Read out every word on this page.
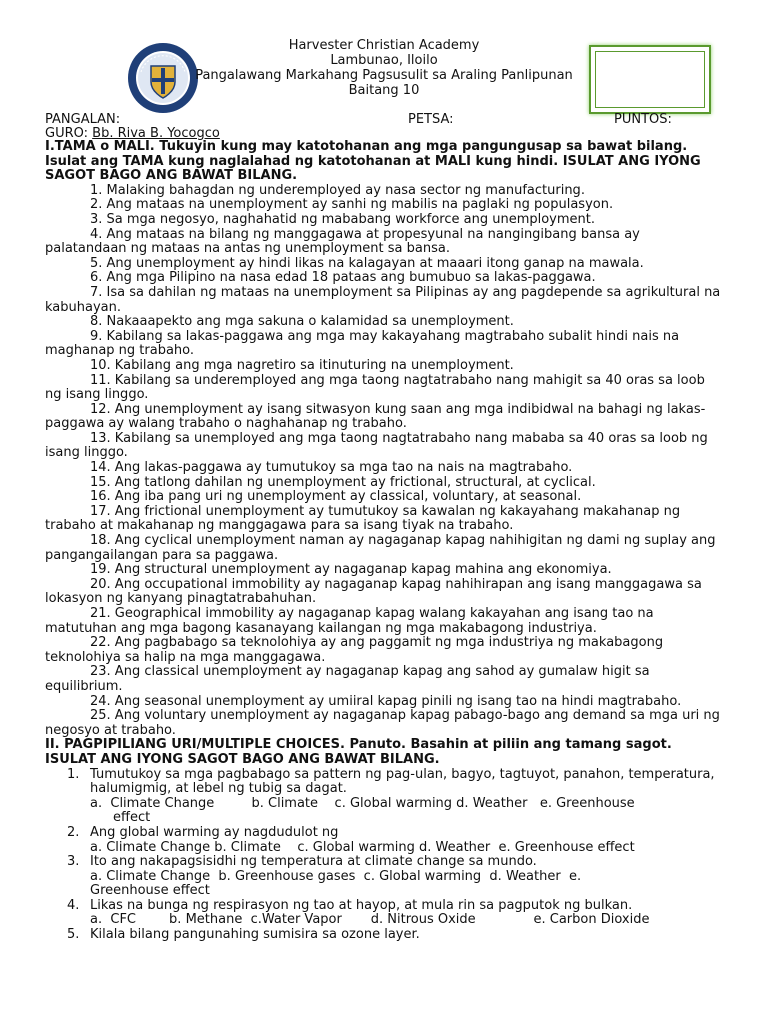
Harvester Christian Academy
Lambunao, Iloilo
Pangalawang Markahang Pagsusulit sa Araling Panlipunan
Baitang 10
PANGALAN:	PETSA:	PUNTOS:
GURO: Bb. Riva B. Yocogco
I.TAMA o MALI. Tukuyin kung may katotohanan ang mga pangungusap sa bawat bilang. Isulat ang TAMA kung naglalahad ng katotohanan at MALI kung hindi. ISULAT ANG IYONG SAGOT BAGO ANG BAWAT BILANG.
1. Malaking bahagdan ng underemployed ay nasa sector ng manufacturing.
2. Ang mataas na unemployment ay sanhi ng mabilis na paglaki ng populasyon.
3. Sa mga negosyo, naghahatid ng mababang workforce ang unemployment.
4. Ang mataas na bilang ng manggagawa at propesyunal na nangingibang bansa ay palatandaan ng mataas na antas ng unemployment sa bansa.
5. Ang unemployment ay hindi likas na kalagayan at maaari itong ganap na mawala.
6. Ang mga Pilipino na nasa edad 18 pataas ang bumubuo sa lakas-paggawa.
7. Isa sa dahilan ng mataas na unemployment sa Pilipinas ay ang pagdepende sa agrikultural na kabuhayan.
8. Nakaaapekto ang mga sakuna o kalamidad sa unemployment.
9. Kabilang sa lakas-paggawa ang mga may kakayahang magtrabaho subalit hindi nais na maghanap ng trabaho.
10. Kabilang ang mga nagretiro sa itinuturing na unemployment.
11. Kabilang sa underemployed ang mga taong nagtatrabaho nang mahigit sa 40 oras sa loob ng isang linggo.
12. Ang unemployment ay isang sitwasyon kung saan ang mga indibidwal na bahagi ng lakas-paggawa ay walang trabaho o naghahanap ng trabaho.
13. Kabilang sa unemployed ang mga taong nagtatrabaho nang mababa sa 40 oras sa loob ng isang linggo.
14. Ang lakas-paggawa ay tumutukoy sa mga tao na nais na magtrabaho.
15. Ang tatlong dahilan ng unemployment ay frictional, structural, at cyclical.
16. Ang iba pang uri ng unemployment ay classical, voluntary, at seasonal.
17. Ang frictional unemployment ay tumutukoy sa kawalan ng kakayahang makahanap ng trabaho at makahanap ng manggagawa para sa isang tiyak na trabaho.
18. Ang cyclical unemployment naman ay nagaganap kapag nahihigitan ng dami ng suplay ang pangangailangan para sa paggawa.
19. Ang structural unemployment ay nagaganap kapag mahina ang ekonomiya.
20. Ang occupational immobility ay nagaganap kapag nahihirapan ang isang manggagawa sa lokasyon ng kanyang pinagtatrabahuhan.
21. Geographical immobility ay nagaganap kapag walang kakayahan ang isang tao na matutuhan ang mga bagong kasanayang kailangan ng mga makabagong industriya.
22. Ang pagbabago sa teknolohiya ay ang paggamit ng mga industriya ng makabagong teknolohiya sa halip na mga manggagawa.
23. Ang classical unemployment ay nagaganap kapag ang sahod ay gumalaw higit sa equilibrium.
24. Ang seasonal unemployment ay umiiral kapag pinili ng isang tao na hindi magtrabaho.
25. Ang voluntary unemployment ay nagaganap kapag pabago-bago ang demand sa mga uri ng negosyo at trabaho.
II. PAGPIPILIANG URI/MULTIPLE CHOICES. Panuto. Basahin at piliin ang tamang sagot. ISULAT ANG IYONG SAGOT BAGO ANG BAWAT BILANG.
1. Tumutukoy sa mga pagbabago sa pattern ng pag-ulan, bagyo, tagtuyot, panahon, temperatura, halumigmig, at lebel ng tubig sa dagat.
a.  Climate Change         b. Climate    c. Global warming d. Weather   e. Greenhouse
effect
2. Ang global warming ay nagdudulot ng
a. Climate Change b. Climate    c. Global warming d. Weather  e. Greenhouse effect
3. Ito ang nakapagsisidhi ng temperatura at climate change sa mundo.
a. Climate Change  b. Greenhouse gases  c. Global warming  d. Weather  e.
Greenhouse effect
4. Likas na bunga ng respirasyon ng tao at hayop, at mula rin sa pagputok ng bulkan.
a.  CFC        b. Methane  c.Water Vapor       d. Nitrous Oxide              e. Carbon Dioxide
5. Kilala bilang pangunahing sumisira sa ozone layer.
